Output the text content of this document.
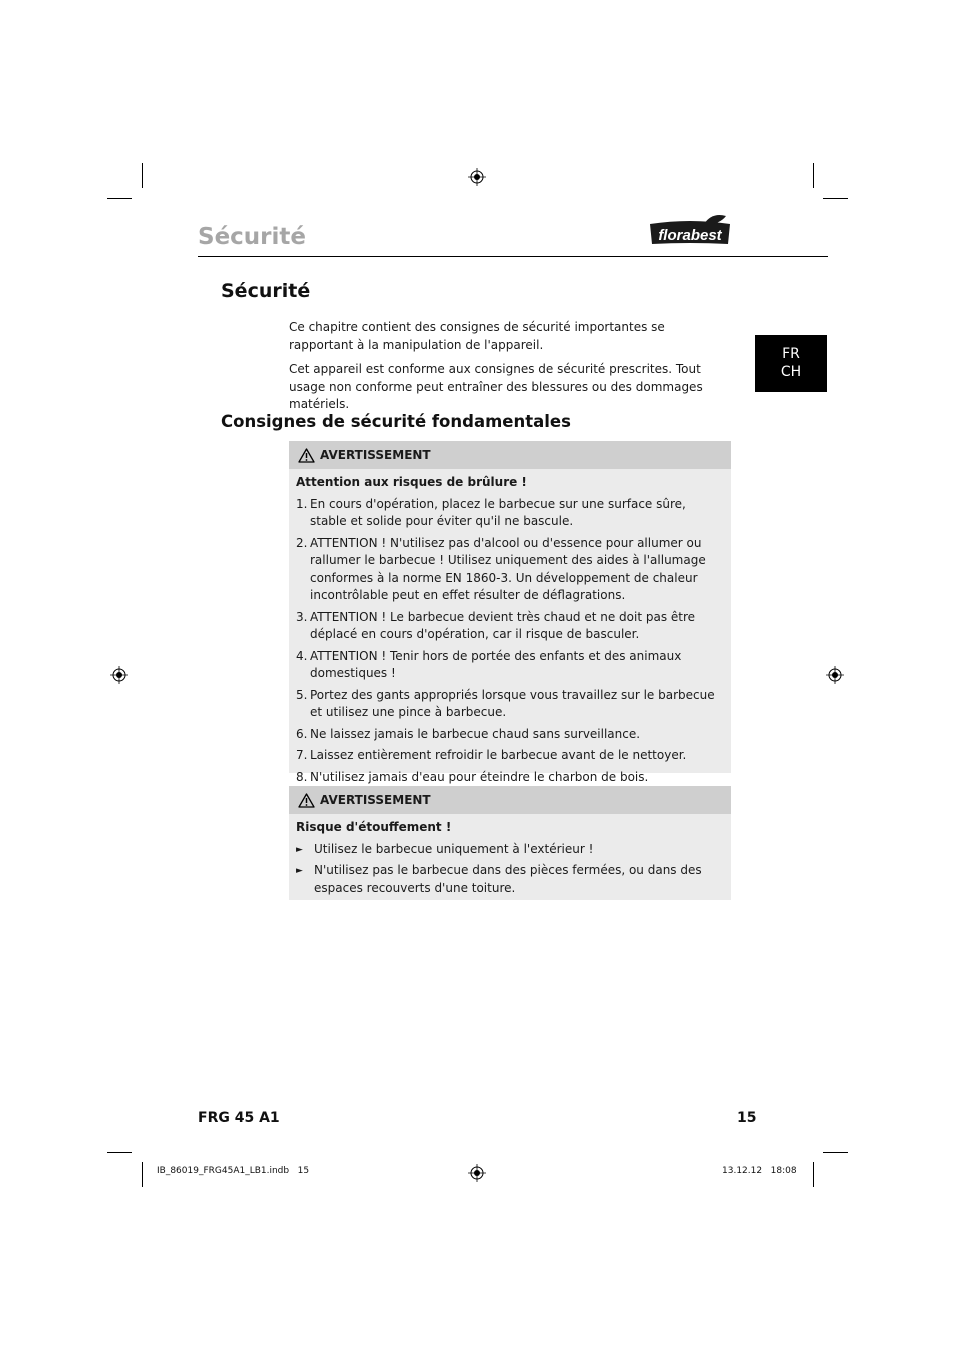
Sécurité	florabest
Sécurité

Ce chapitre contient des consignes de sécurité importantes se rapportant à la manipulation de l'appareil.

Cet appareil est conforme aux consignes de sécurité prescrites. Tout usage non conforme peut entraîner des blessures ou des dommages matériels.

FR
CH
Consignes de sécurité fondamentales
AVERTISSEMENT

Attention aux risques de brûlure !

1. En cours d'opération, placez le barbecue sur une surface sûre, stable et solide pour éviter qu'il ne bascule.
2. ATTENTION ! N'utilisez pas d'alcool ou d'essence pour allumer ou rallumer le barbecue ! Utilisez uniquement des aides à l'allumage conformes à la norme EN 1860-3. Un développement de chaleur incontrôlable peut en effet résulter de déflagrations.
3. ATTENTION ! Le barbecue devient très chaud et ne doit pas être déplacé en cours d'opération, car il risque de basculer.
4. ATTENTION ! Tenir hors de portée des enfants et des animaux domestiques !
5. Portez des gants appropriés lorsque vous travaillez sur le barbecue et utilisez une pince à barbecue.
6. Ne laissez jamais le barbecue chaud sans surveillance.
7. Laissez entièrement refroidir le barbecue avant de le nettoyer.
8. N'utilisez jamais d'eau pour éteindre le charbon de bois.
AVERTISSEMENT

Risque d'étouffement !

► Utilisez le barbecue uniquement à l'extérieur !
► N'utilisez pas le barbecue dans des pièces fermées, ou dans des espaces recouverts d'une toiture.
FRG 45 A1	15
IB_86019_FRG45A1_LB1.indb   15	13.12.12   18:08
